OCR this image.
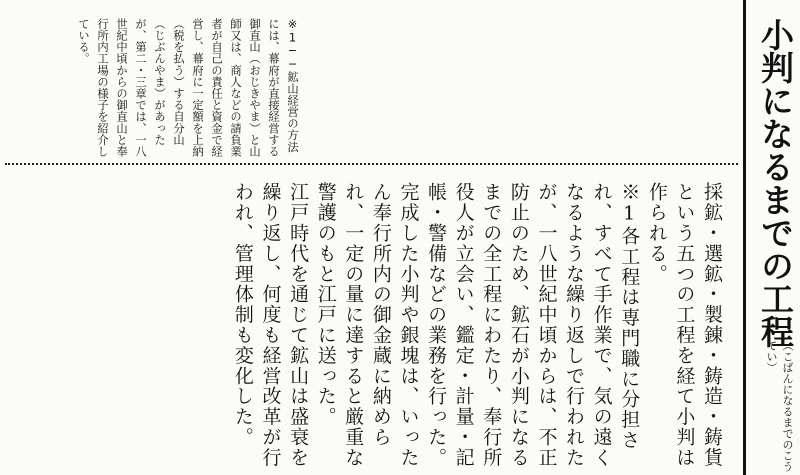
小判になるまでの工程
（こばんになるまでのこうてい）
※1──鉱山経営の方法には、幕府が直接経営する御直山（おじきやま）と山師又は、商人などの請負業者が自己の責任と資金で経営し、幕府に一定額を上納（税を払う）する自分山（じぶんやま）があったが、第二・三章では、一八世紀中頃からの御直山と奉行所内工場の様子を紹介している。
採鉱・選鉱・製錬・鋳造・鋳貨という五つの工程を経て小判は作られる。
※1各工程は専門職に分担され、すべて手作業で、気の遠くなるような繰り返しで行われたが、一八世紀中頃からは、不正防止のため、鉱石が小判になるまでの全工程にわたり、奉行所役人が立会い、鑑定・計量・記帳・警備などの業務を行った。完成した小判や銀塊は、いったん奉行所内の御金蔵に納められ、一定の量に達すると厳重な警護のもと江戸に送った。
江戸時代を通じて鉱山は盛衰を繰り返し、何度も経営改革が行われ、管理体制も変化した。
